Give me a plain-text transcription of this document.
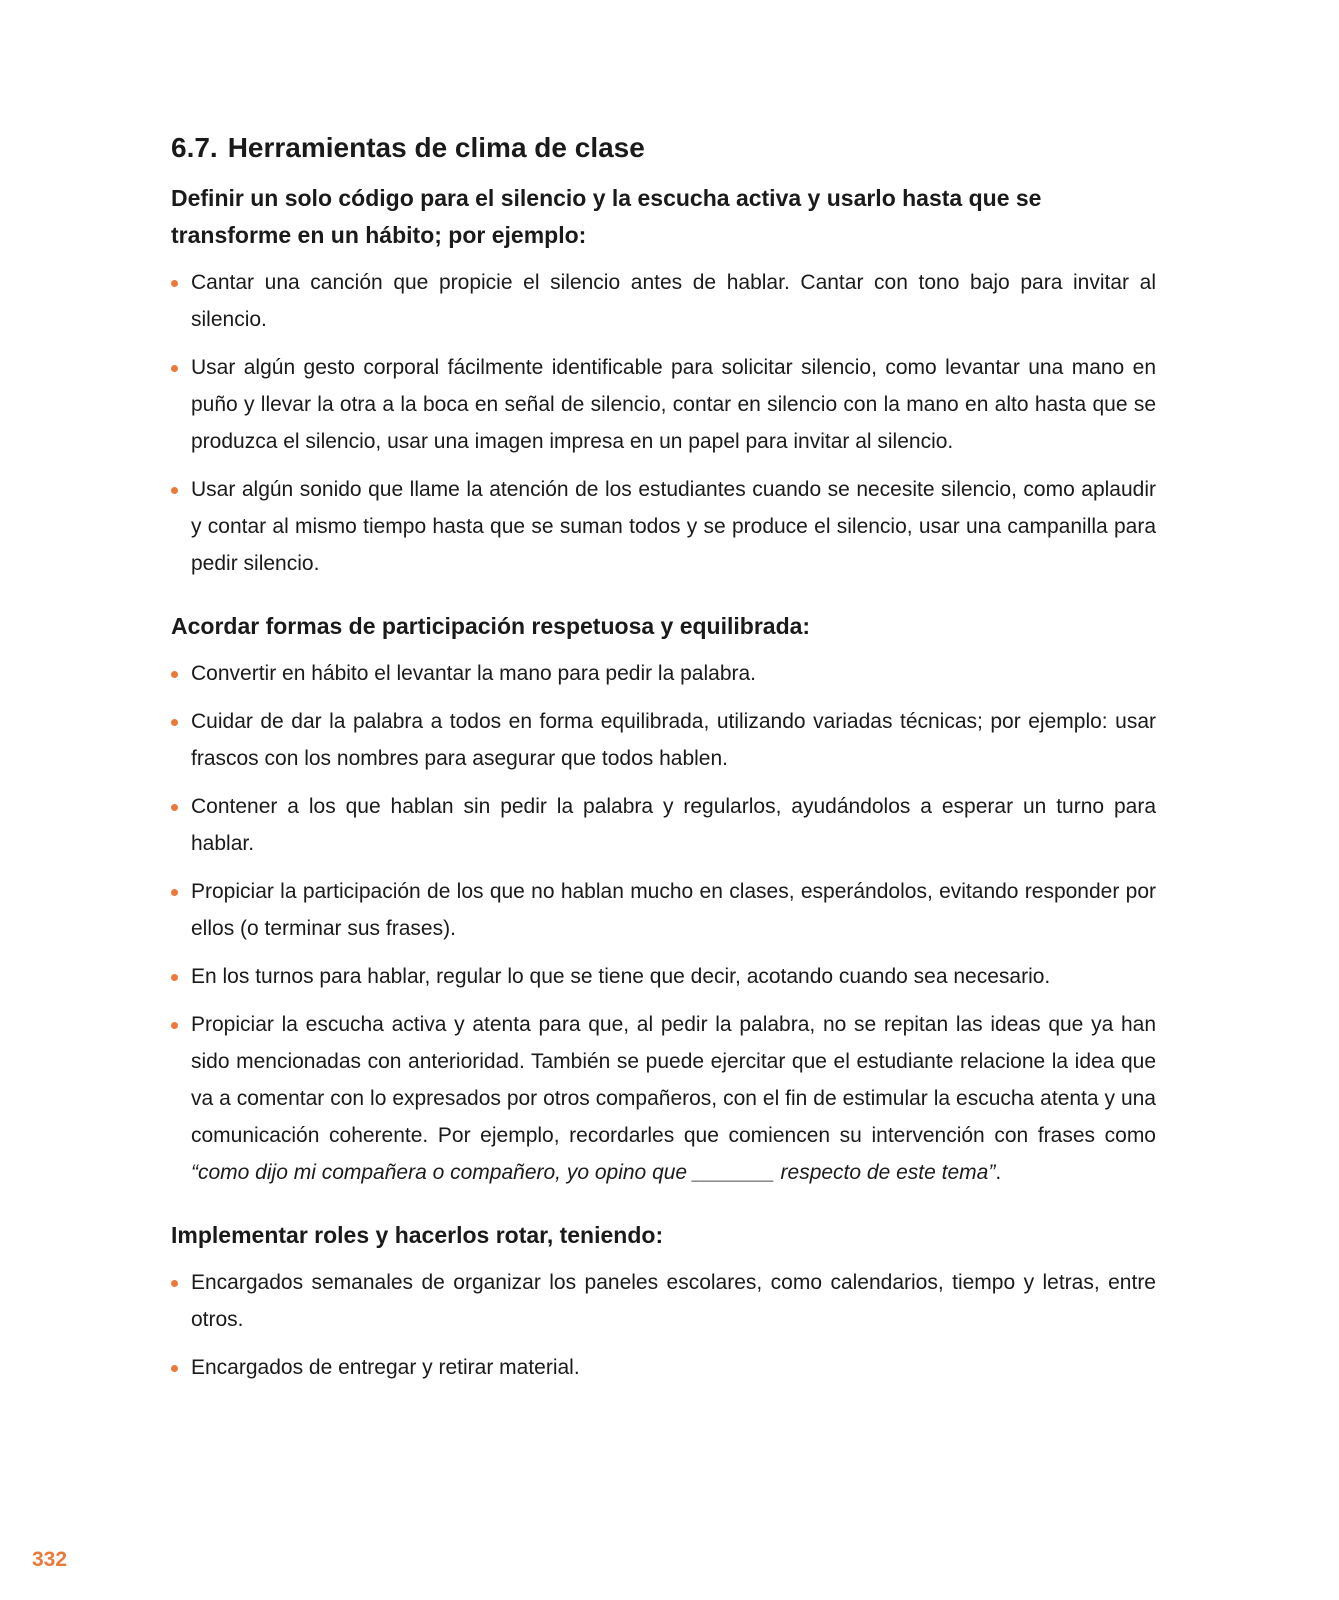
6.7. Herramientas de clima de clase
Definir un solo código para el silencio y la escucha activa y usarlo hasta que se transforme en un hábito; por ejemplo:
Cantar una canción que propicie el silencio antes de hablar. Cantar con tono bajo para invitar al silencio.
Usar algún gesto corporal fácilmente identificable para solicitar silencio, como levantar una mano en puño y llevar la otra a la boca en señal de silencio, contar en silencio con la mano en alto hasta que se produzca el silencio, usar una imagen impresa en un papel para invitar al silencio.
Usar algún sonido que llame la atención de los estudiantes cuando se necesite silencio, como aplaudir y contar al mismo tiempo hasta que se suman todos y se produce el silencio, usar una campanilla para pedir silencio.
Acordar formas de participación respetuosa y equilibrada:
Convertir en hábito el levantar la mano para pedir la palabra.
Cuidar de dar la palabra a todos en forma equilibrada, utilizando variadas técnicas; por ejemplo: usar frascos con los nombres para asegurar que todos hablen.
Contener a los que hablan sin pedir la palabra y regularlos, ayudándolos a esperar un turno para hablar.
Propiciar la participación de los que no hablan mucho en clases, esperándolos, evitando responder por ellos (o terminar sus frases).
En los turnos para hablar, regular lo que se tiene que decir, acotando cuando sea necesario.
Propiciar la escucha activa y atenta para que, al pedir la palabra, no se repitan las ideas que ya han sido mencionadas con anterioridad. También se puede ejercitar que el estudiante relacione la idea que va a comentar con lo expresados por otros compañeros, con el fin de estimular la escucha atenta y una comunicación coherente. Por ejemplo, recordarles que comiencen su intervención con frases como “como dijo mi compañera o compañero, yo opino que _______ respecto de este tema”.
Implementar roles y hacerlos rotar, teniendo:
Encargados semanales de organizar los paneles escolares, como calendarios, tiempo y letras, entre otros.
Encargados de entregar y retirar material.
332
